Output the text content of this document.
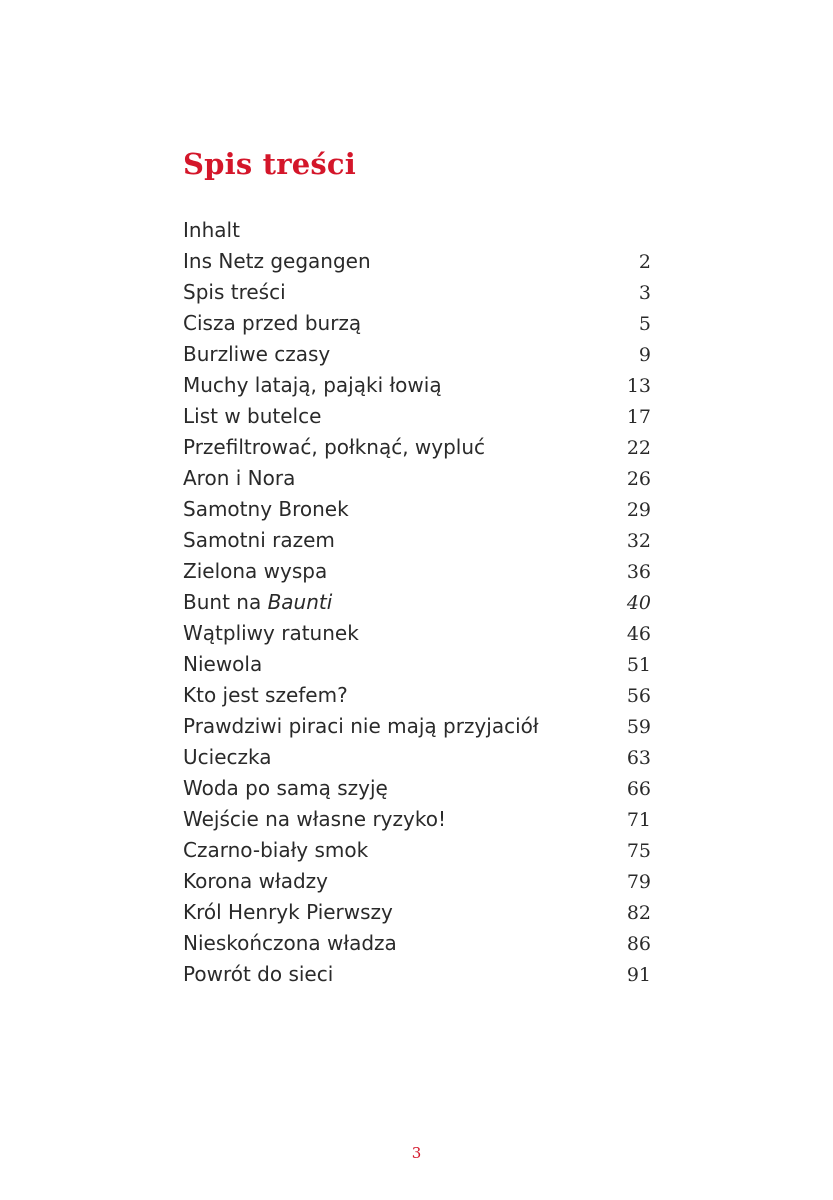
Spis treści
Inhalt
Ins Netz gegangen	2
Spis treści	3
Cisza przed burzą	5
Burzliwe czasy	9
Muchy latają, pająki łowią	13
List w butelce	17
Przefiltrować, połknąć, wypluć	22
Aron i Nora	26
Samotny Bronek	29
Samotni razem	32
Zielona wyspa	36
Bunt na Baunti	40
Wątpliwy ratunek	46
Niewola	51
Kto jest szefem?	56
Prawdziwi piraci nie mają przyjaciół	59
Ucieczka	63
Woda po samą szyję	66
Wejście na własne ryzyko!	71
Czarno-biały smok	75
Korona władzy	79
Król Henryk Pierwszy	82
Nieskończona władza	86
Powrót do sieci	91
3
